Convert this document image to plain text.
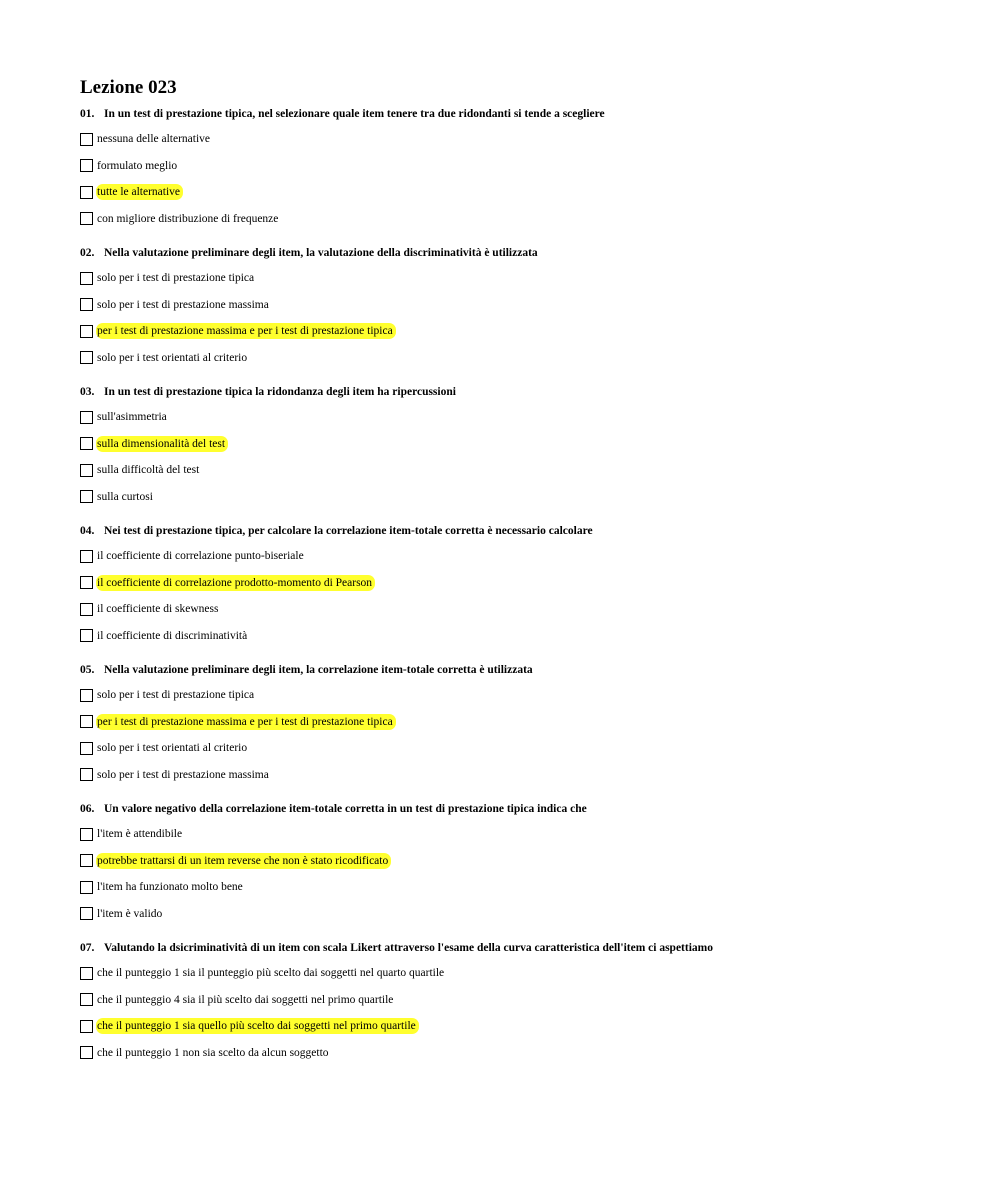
Lezione 023
01. In un test di prestazione tipica, nel selezionare quale item tenere tra due ridondanti si tende a scegliere
nessuna delle alternative
formulato meglio
tutte le alternative
con migliore distribuzione di frequenze
02. Nella valutazione preliminare degli item, la valutazione della discriminatività è utilizzata
solo per i test di prestazione tipica
solo per i test di prestazione massima
per i test di prestazione massima e per i test di prestazione tipica
solo per i test orientati al criterio
03. In un test di prestazione tipica la ridondanza degli item ha ripercussioni
sull'asimmetria
sulla dimensionalità del test
sulla difficoltà del test
sulla curtosi
04. Nei test di prestazione tipica, per calcolare la correlazione item-totale corretta è necessario calcolare
il coefficiente di correlazione punto-biseriale
il coefficiente di correlazione prodotto-momento di Pearson
il coefficiente di skewness
il coefficiente di discriminatività
05. Nella valutazione preliminare degli item, la correlazione item-totale corretta è utilizzata
solo per i test di prestazione tipica
per i test di prestazione massima e per i test di prestazione tipica
solo per i test orientati al criterio
solo per i test di prestazione massima
06. Un valore negativo della correlazione item-totale corretta in un test di prestazione tipica indica che
l'item è attendibile
potrebbe trattarsi di un item reverse che non è stato ricodificato
l'item ha funzionato molto bene
l'item è valido
07. Valutando la dsicriminatività di un item con scala Likert attraverso l'esame della curva caratteristica dell'item ci aspettiamo
che il punteggio 1 sia il punteggio più scelto dai soggetti nel quarto quartile
che il punteggio 4 sia il più scelto dai soggetti nel primo quartile
che il punteggio 1 sia quello più scelto dai soggetti nel primo quartile
che il punteggio 1 non sia scelto da alcun soggetto
